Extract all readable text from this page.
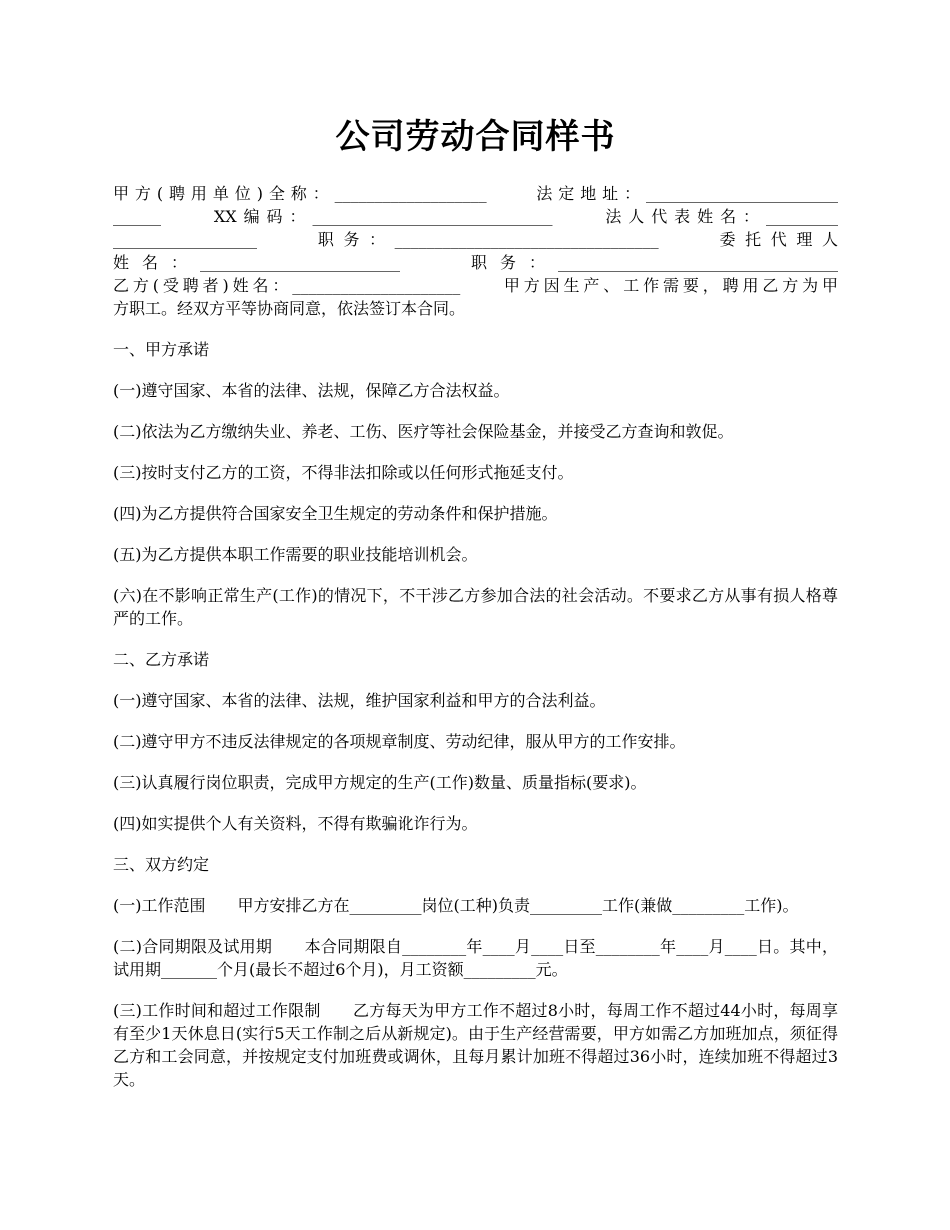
公司劳动合同样书
甲方(聘用单位)全称：___________________　　法定地址：________________________
______　　XX编码：______________________________　　法人代表姓名：_________
__________________　　职务：_________________________________　　委托代理人
姓名：_________________________　　职务：___________________________________
乙方(受聘者)姓名：_____________________　　甲方因生产、工作需要，聘用乙方为甲
方职工。经双方平等协商同意，依法签订本合同。

一、甲方承诺

(一)遵守国家、本省的法律、法规，保障乙方合法权益。

(二)依法为乙方缴纳失业、养老、工伤、医疗等社会保险基金，并接受乙方查询和敦促。

(三)按时支付乙方的工资，不得非法扣除或以任何形式拖延支付。

(四)为乙方提供符合国家安全卫生规定的劳动条件和保护措施。

(五)为乙方提供本职工作需要的职业技能培训机会。

(六)在不影响正常生产(工作)的情况下，不干涉乙方参加合法的社会活动。不要求乙方从事有损人格尊严的工作。

二、乙方承诺

(一)遵守国家、本省的法律、法规，维护国家利益和甲方的合法利益。

(二)遵守甲方不违反法律规定的各项规章制度、劳动纪律，服从甲方的工作安排。

(三)认真履行岗位职责，完成甲方规定的生产(工作)数量、质量指标(要求)。

(四)如实提供个人有关资料，不得有欺骗讹诈行为。

三、双方约定

(一)工作范围　　甲方安排乙方在_________岗位(工种)负责_________工作(兼做_________工作)。

(二)合同期限及试用期　　本合同期限自________年____月____日至________年____月____日。其中，试用期_______个月(最长不超过6个月)，月工资额_________元。

(三)工作时间和超过工作限制　　乙方每天为甲方工作不超过8小时，每周工作不超过44小时，每周享有至少1天休息日(实行5天工作制之后从新规定)。由于生产经营需要，甲方如需乙方加班加点，须征得乙方和工会同意，并按规定支付加班费或调休，且每月累计加班不得超过36小时，连续加班不得超过3天。
